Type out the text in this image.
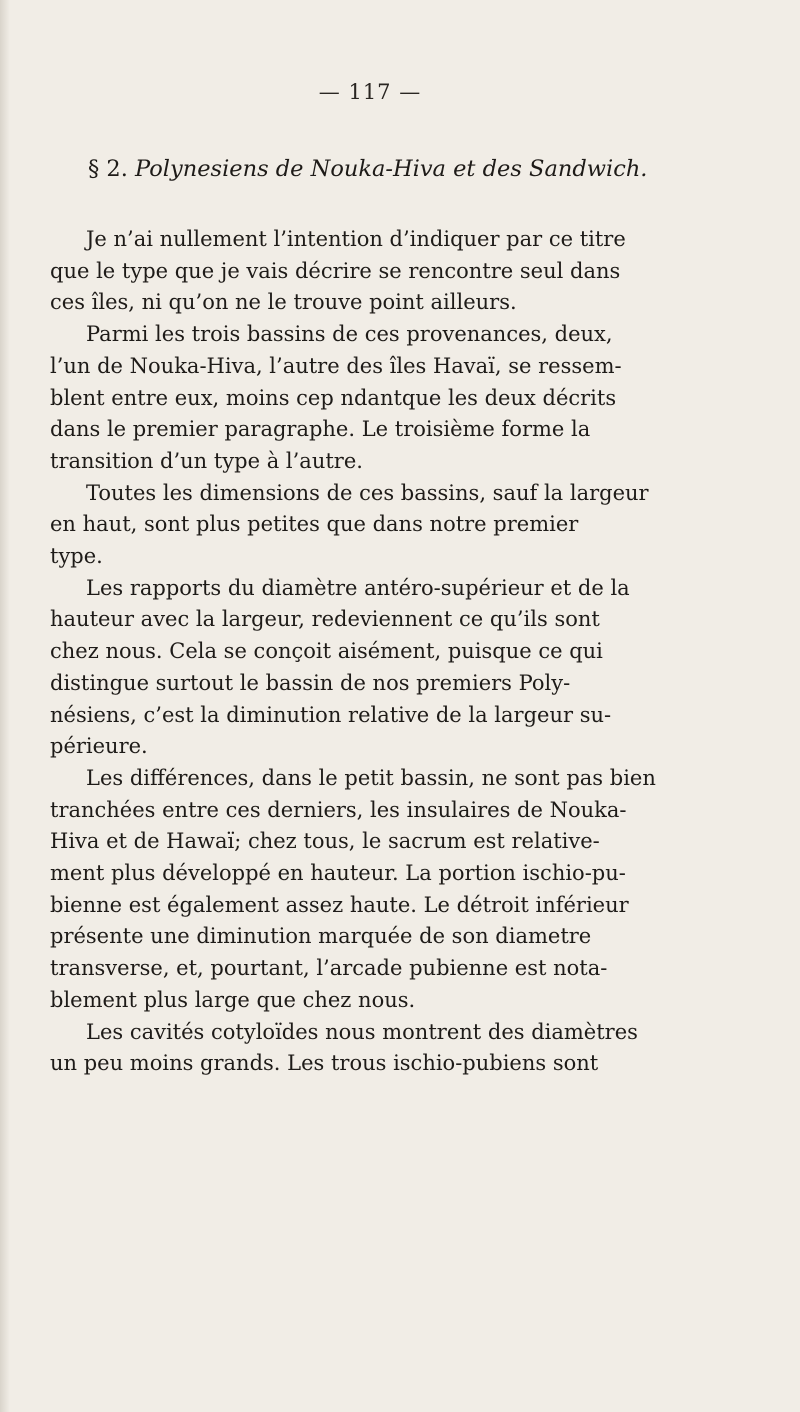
— 117 —
§ 2. Polynesiens de Nouka-Hiva et des Sandwich.
Je n’ai nullement l’intention d’indiquer par ce titre
que le type que je vais décrire se rencontre seul dans
ces îles, ni qu’on ne le trouve point ailleurs.
Parmi les trois bassins de ces provenances, deux,
l’un de Nouka-Hiva, l’autre des îles Havaï, se ressem-
blent entre eux, moins cep ndantque les deux décrits
dans le premier paragraphe. Le troisième forme la
transition d’un type à l’autre.
Toutes les dimensions de ces bassins, sauf la largeur
en haut, sont plus petites que dans notre premier
type.
Les rapports du diamètre antéro-supérieur et de la
hauteur avec la largeur, redeviennent ce qu’ils sont
chez nous. Cela se conçoit aisément, puisque ce qui
distingue surtout le bassin de nos premiers Poly-
nésiens, c’est la diminution relative de la largeur su-
périeure.
Les différences, dans le petit bassin, ne sont pas bien
tranchées entre ces derniers, les insulaires de Nouka-
Hiva et de Hawaï; chez tous, le sacrum est relative-
ment plus développé en hauteur. La portion ischio-pu-
bienne est également assez haute. Le détroit inférieur
présente une diminution marquée de son diametre
transverse, et, pourtant, l’arcade pubienne est nota-
blement plus large que chez nous.
Les cavités cotyloïdes nous montrent des diamètres
un peu moins grands. Les trous ischio-pubiens sont
